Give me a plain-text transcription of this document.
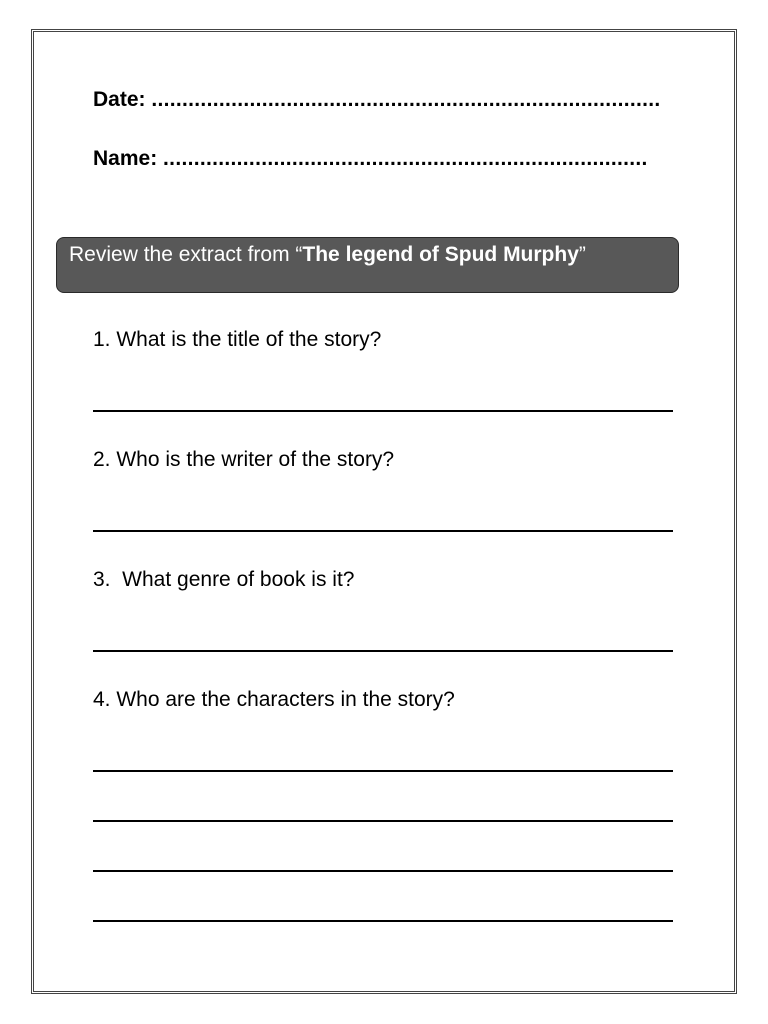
Date: ...................................................................................
Name: ...............................................................................
Review the extract from “The legend of Spud Murphy”
1. What is the title of the story?
2. Who is the writer of the story?
3.  What genre of book is it?
4. Who are the characters in the story?
